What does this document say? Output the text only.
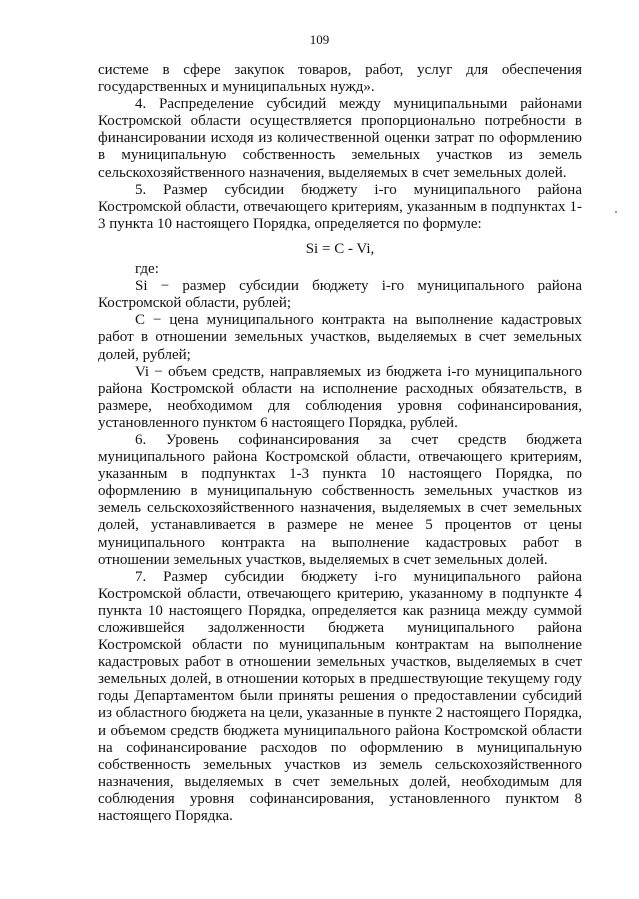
109

системе в сфере закупок товаров, работ, услуг для обеспечения государственных и муниципальных нужд».

4. Распределение субсидий между муниципальными районами Костромской области осуществляется пропорционально потребности в финансировании исходя из количественной оценки затрат по оформлению в муниципальную собственность земельных участков из земель сельскохозяйственного назначения, выделяемых в счет земельных долей.

5. Размер субсидии бюджету i-го муниципального района Костромской области, отвечающего критериям, указанным в подпунктах 1-3 пункта 10 настоящего Порядка, определяется по формуле:

Si = C - Vi,

где:

Si − размер субсидии бюджету i-го муниципального района Костромской области, рублей;

C − цена муниципального контракта на выполнение кадастровых работ в отношении земельных участков, выделяемых в счет земельных долей, рублей;

Vi − объем средств, направляемых из бюджета i-го муниципального района Костромской области на исполнение расходных обязательств, в размере, необходимом для соблюдения уровня софинансирования, установленного пунктом 6 настоящего Порядка, рублей.

6. Уровень софинансирования за счет средств бюджета муниципального района Костромской области, отвечающего критериям, указанным в подпунктах 1-3 пункта 10 настоящего Порядка, по оформлению в муниципальную собственность земельных участков из земель сельскохозяйственного назначения, выделяемых в счет земельных долей, устанавливается в размере не менее 5 процентов от цены муниципального контракта на выполнение кадастровых работ в отношении земельных участков, выделяемых в счет земельных долей.

7. Размер субсидии бюджету i-го муниципального района Костромской области, отвечающего критерию, указанному в подпункте 4 пункта 10 настоящего Порядка, определяется как разница между суммой сложившейся задолженности бюджета муниципального района Костромской области по муниципальным контрактам на выполнение кадастровых работ в отношении земельных участков, выделяемых в счет земельных долей, в отношении которых в предшествующие текущему году годы Департаментом были приняты решения о предоставлении субсидий из областного бюджета на цели, указанные в пункте 2 настоящего Порядка, и объемом средств бюджета муниципального района Костромской области на софинансирование расходов по оформлению в муниципальную собственность земельных участков из земель сельскохозяйственного назначения, выделяемых в счет земельных долей, необходимым для соблюдения уровня софинансирования, установленного пунктом 8 настоящего Порядка.
